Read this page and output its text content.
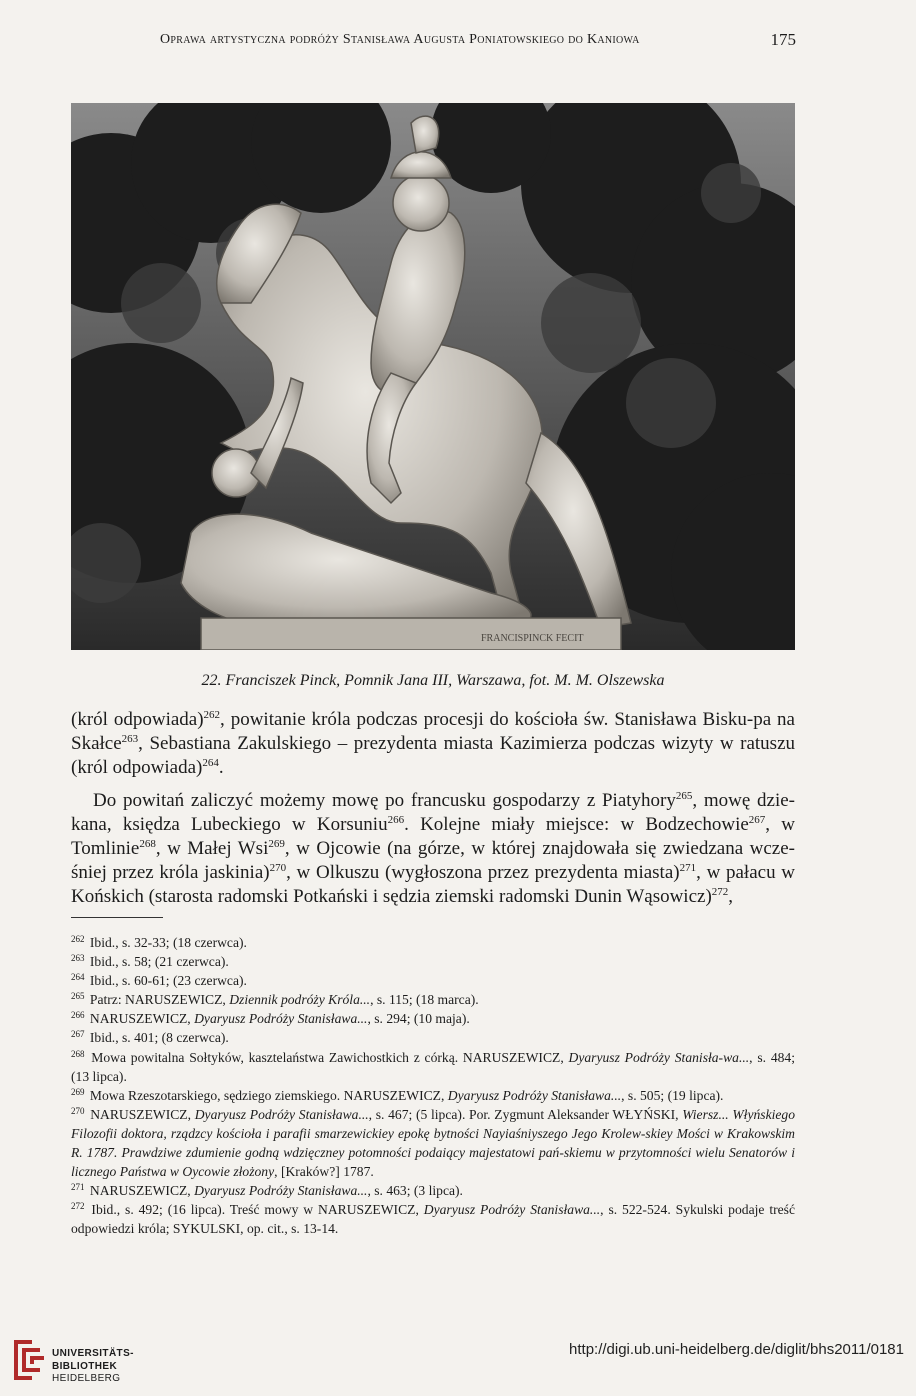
Oprawa artystyczna podróży Stanisława Augusta Poniatowskiego do Kaniowa	175
FRANCISPINCK FECIT
22. Franciszek Pinck, Pomnik Jana III, Warszawa, fot. M. M. Olszewska

(król odpowiada)$^{262}$, powitanie króla podczas procesji do kościoła św. Stanisława Bisku-pa na Skałce$^{263}$, Sebastiana Zakulskiego – prezydenta miasta Kazimierza podczas wizyty w ratuszu (król odpowiada)$^{264}$.

Do powitań zaliczyć możemy mowę po francusku gospodarzy z Piatyhory$^{265}$, mowę dzie-kana, księdza Lubeckiego w Korsuniu$^{266}$. Kolejne miały miejsce: w Bodzechowie$^{267}$, w Tomlinie$^{268}$, w Małej Wsi$^{269}$, w Ojcowie (na górze, w której znajdowała się zwiedzana wcze-śniej przez króla jaskinia)$^{270}$, w Olkuszu (wygłoszona przez prezydenta miasta)$^{271}$, w pałacu w Końskich (starosta radomski Potkański i sędzia ziemski radomski Dunin Wąsowicz)$^{272}$,

$^{262}$ Ibid., s. 32-33; (18 czerwca).

$^{263}$ Ibid., s. 58; (21 czerwca).

$^{264}$ Ibid., s. 60-61; (23 czerwca).

$^{265}$ Patrz: NARUSZEWICZ, Dziennik podróży Króla..., s. 115; (18 marca).

$^{266}$ NARUSZEWICZ, Dyaryusz Podróży Stanisława..., s. 294; (10 maja).

$^{267}$ Ibid., s. 401; (8 czerwca).

$^{268}$ Mowa powitalna Sołtyków, kasztelaństwa Zawichostkich z córką. NARUSZEWICZ, Dyaryusz Podróży Stanisła-wa..., s. 484; (13 lipca).

$^{269}$ Mowa Rzeszotarskiego, sędziego ziemskiego. NARUSZEWICZ, Dyaryusz Podróży Stanisława..., s. 505; (19 lipca).

$^{270}$ NARUSZEWICZ, Dyaryusz Podróży Stanisława..., s. 467; (5 lipca). Por. Zygmunt Aleksander WŁYŃSKI, Wiersz... Włyńskiego Filozofii doktora, rządzcy kościoła i parafii smarzewickiey epokę bytności Nayiaśniyszego Jego Krolew-skiey Mości w Krakowskim R. 1787. Prawdziwe zdumienie godną wdzięczney potomności podaiący majestatowi pań-skiemu w przytomności wielu Senatorów i licznego Państwa w Oycowie złożony, [Kraków?] 1787.

$^{271}$ NARUSZEWICZ, Dyaryusz Podróży Stanisława..., s. 463; (3 lipca).

$^{272}$ Ibid., s. 492; (16 lipca). Treść mowy w NARUSZEWICZ, Dyaryusz Podróży Stanisława..., s. 522-524. Sykulski podaje treść odpowiedzi króla; SYKULSKI, op. cit., s. 13-14.

UNIVERSITÄTS-
BIBLIOTHEK
HEIDELBERG
http://digi.ub.uni-heidelberg.de/diglit/bhs2011/0181
